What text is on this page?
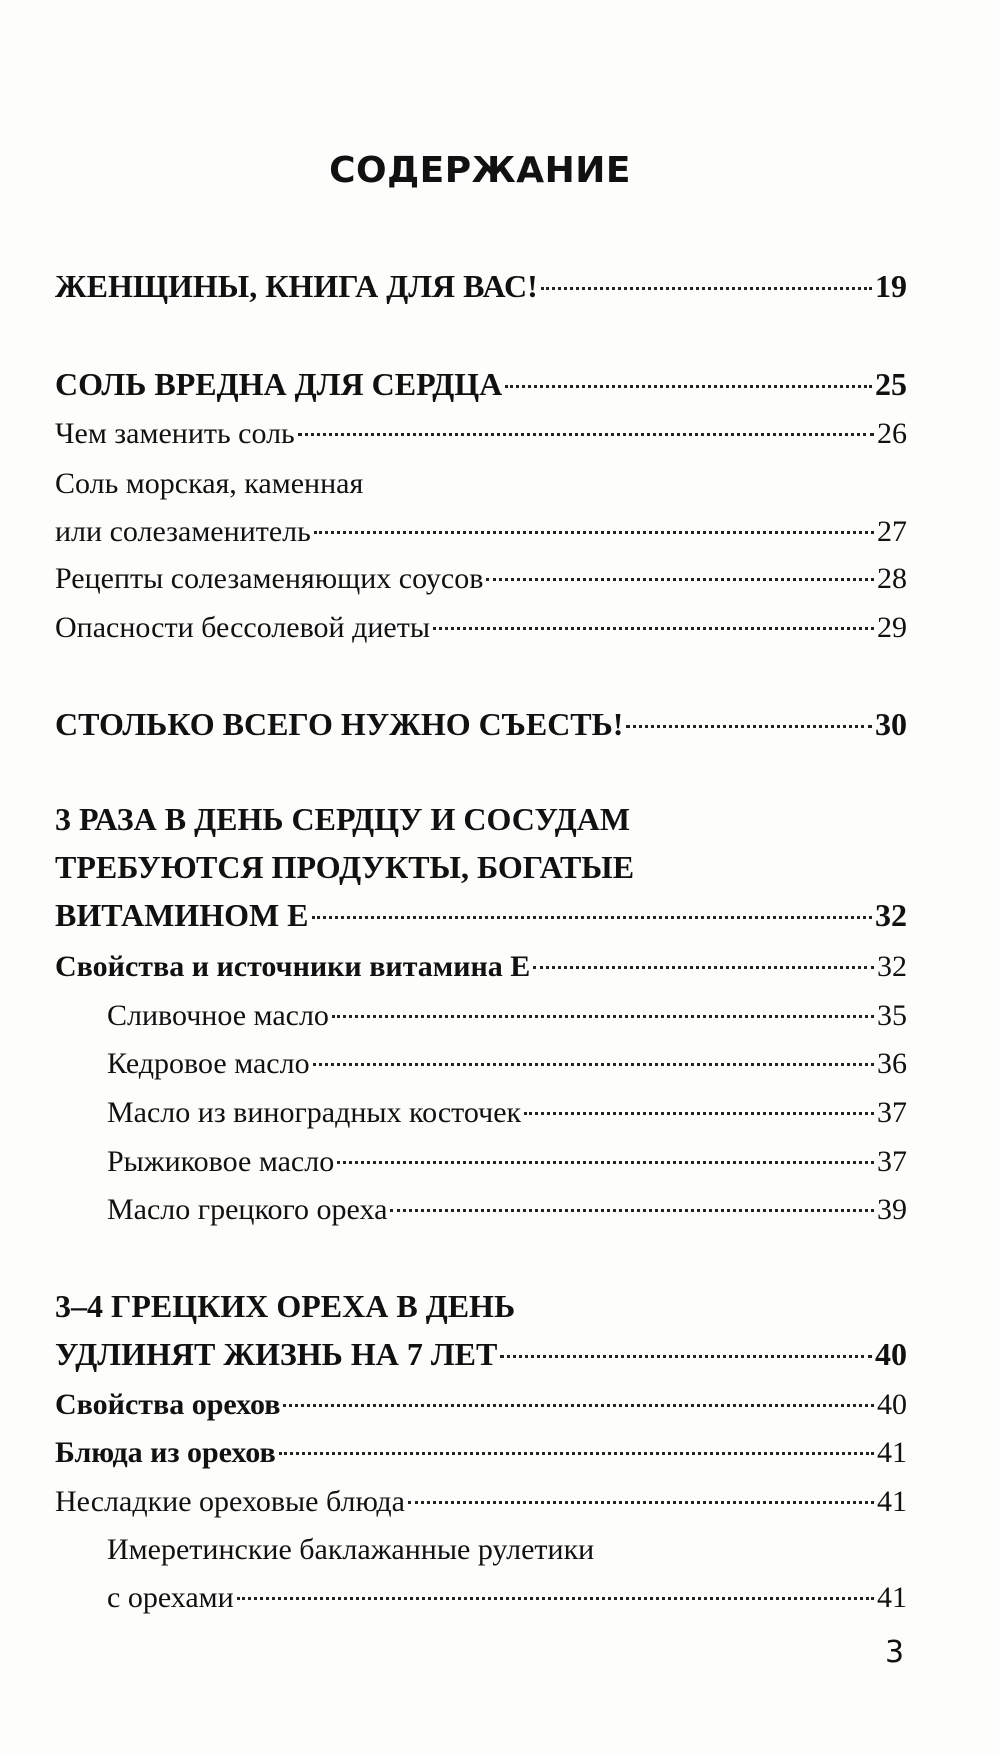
СОДЕРЖАНИЕ
ЖЕНЩИНЫ, КНИГА ДЛЯ ВАС!	19
СОЛЬ ВРЕДНА ДЛЯ СЕРДЦА	25
Чем заменить соль	26
Соль морская, каменная
или солезаменитель	27
Рецепты солезаменяющих соусов	28
Опасности бессолевой диеты	29
СТОЛЬКО ВСЕГО НУЖНО СЪЕСТЬ!	30
3 РАЗА В ДЕНЬ СЕРДЦУ И СОСУДАМ
ТРЕБУЮТСЯ ПРОДУКТЫ, БОГАТЫЕ
ВИТАМИНОМ Е	32
Свойства и источники витамина Е	32
Сливочное масло	35
Кедровое масло	36
Масло из виноградных косточек	37
Рыжиковое масло	37
Масло грецкого ореха	39
3–4 ГРЕЦКИХ ОРЕХА В ДЕНЬ
УДЛИНЯТ ЖИЗНЬ НА 7 ЛЕТ	40
Свойства орехов	40
Блюда из орехов	41
Несладкие ореховые блюда	41
Имеретинские баклажанные рулетики
с орехами	41
3
